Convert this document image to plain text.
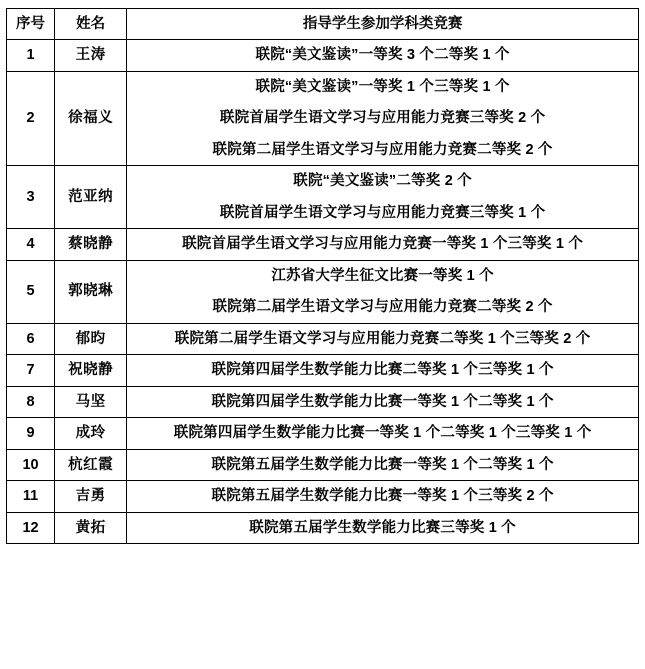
序号	姓名	指导学生参加学科类竞赛
1	王涛	联院“美文鉴读”一等奖 3 个二等奖 1 个

2	徐福义	联院“美文鉴读”一等奖 1 个三等奖 1 个
联院首届学生语文学习与应用能力竞赛三等奖 2 个
联院第二届学生语文学习与应用能力竞赛二等奖 2 个

3	范亚纳	联院“美文鉴读”二等奖 2 个
联院首届学生语文学习与应用能力竞赛三等奖 1 个

4	蔡晓静	联院首届学生语文学习与应用能力竞赛一等奖 1 个三等奖 1 个

5	郭晓琳	江苏省大学生征文比赛一等奖 1 个
联院第二届学生语文学习与应用能力竞赛二等奖 2 个

6	郁昀	联院第二届学生语文学习与应用能力竞赛二等奖 1 个三等奖 2 个

7	祝晓静	联院第四届学生数学能力比赛二等奖 1 个三等奖 1 个

8	马坚	联院第四届学生数学能力比赛一等奖 1 个二等奖 1 个

9	成玲	联院第四届学生数学能力比赛一等奖 1 个二等奖 1 个三等奖 1 个

10	杭红霞	联院第五届学生数学能力比赛一等奖 1 个二等奖 1 个

11	吉勇	联院第五届学生数学能力比赛一等奖 1 个三等奖 2 个

12	黄拓	联院第五届学生数学能力比赛三等奖 1 个
